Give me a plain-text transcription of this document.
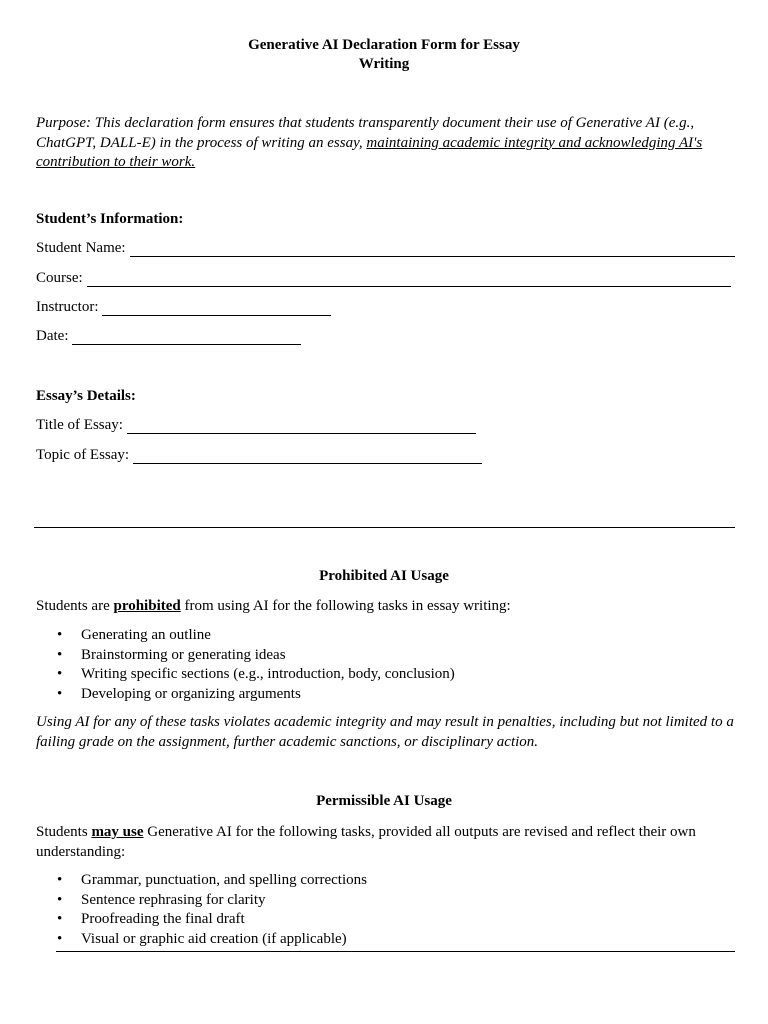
Generative AI Declaration Form for Essay
Writing
Purpose: This declaration form ensures that students transparently document their use of Generative AI (e.g., ChatGPT, DALL-E) in the process of writing an essay, maintaining academic integrity and acknowledging AI's contribution to their work.
Student’s Information:
Student Name:
Course:
Instructor:
Date:
Essay’s Details:
Title of Essay:
Topic of Essay:
Prohibited AI Usage
Students are prohibited from using AI for the following tasks in essay writing:
• Generating an outline
• Brainstorming or generating ideas
• Writing specific sections (e.g., introduction, body, conclusion)
• Developing or organizing arguments
Using AI for any of these tasks violates academic integrity and may result in penalties, including but not limited to a failing grade on the assignment, further academic sanctions, or disciplinary action.
Permissible AI Usage
Students may use Generative AI for the following tasks, provided all outputs are revised and reflect their own understanding:
• Grammar, punctuation, and spelling corrections
• Sentence rephrasing for clarity
• Proofreading the final draft
• Visual or graphic aid creation (if applicable)
